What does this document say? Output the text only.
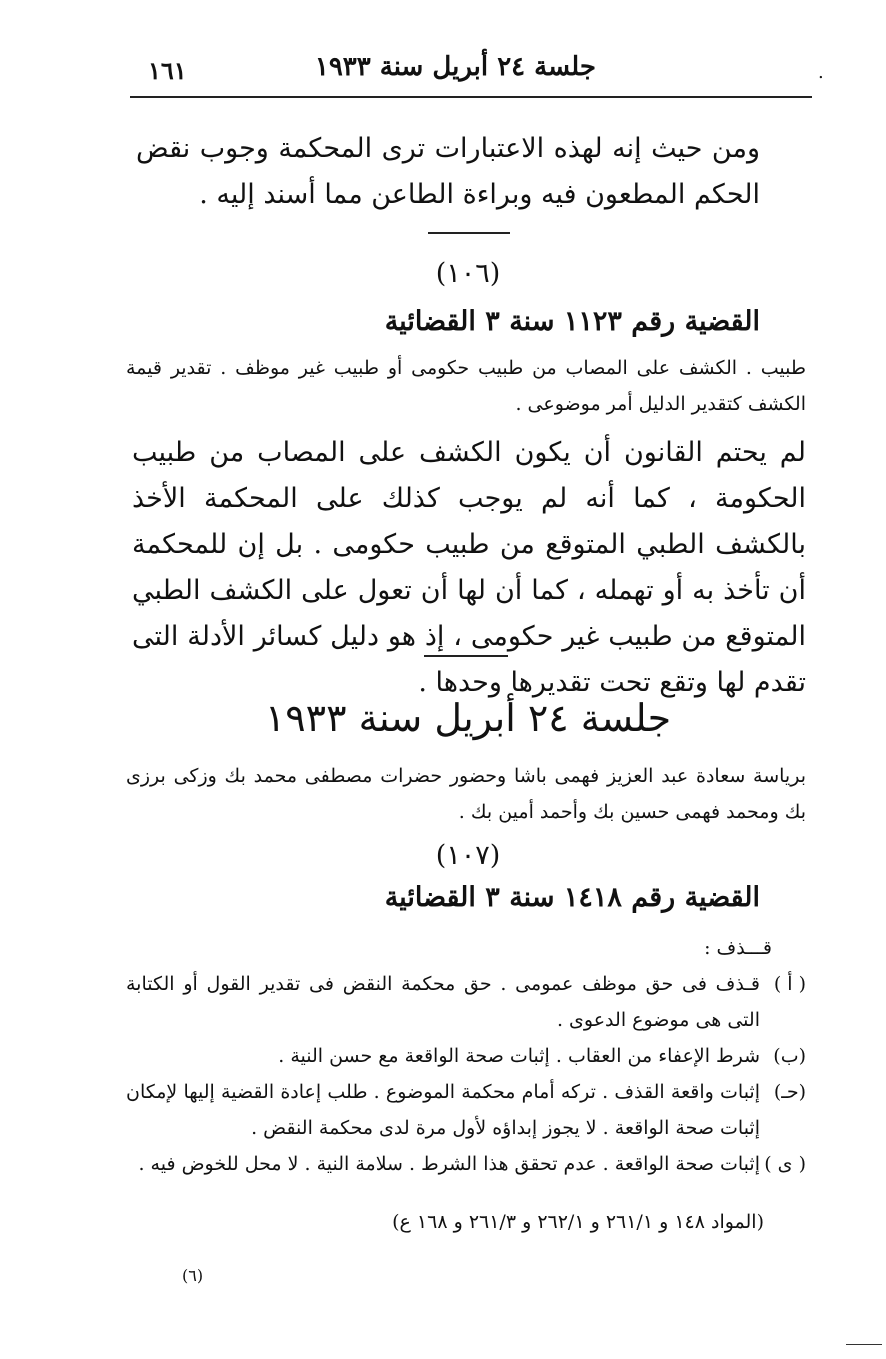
.
جلسة ٢٤ أبريل سنة ١٩٣٣
١٦١
ومن حيث إنه لهذه الاعتبارات ترى المحكمة وجوب نقض الحكم المطعون فيه وبراءة الطاعن مما أسند إليه .
(١٠٦)
القضية رقم ١١٢٣ سنة ٣ القضائية
طبيب . الكشف على المصاب من طبيب حكومى أو طبيب غير موظف . تقدير قيمة الكشف كتقدير الدليل أمر موضوعى .
لم يحتم القانون أن يكون الكشف على المصاب من طبيب الحكومة ، كما أنه لم يوجب كذلك على المحكمة الأخذ بالكشف الطبي المتوقع من طبيب حكومى . بل إن للمحكمة أن تأخذ به أو تهمله ، كما أن لها أن تعول على الكشف الطبي المتوقع من طبيب غير حكومى ، إذ هو دليل كسائر الأدلة التى تقدم لها وتقع تحت تقديرها وحدها .
جلسة ٢٤ أبريل سنة ١٩٣٣
برياسة سعادة عبد العزيز فهمى باشا وحضور حضرات مصطفى محمد بك وزكى برزى بك ومحمد فهمى حسين بك وأحمد أمين بك .
(١٠٧)
القضية رقم ١٤١٨ سنة ٣ القضائية
قـــذف :
( أ )
قـذف فى حق موظف عمومى . حق محكمة النقض فى تقدير القول أو الكتابة التى هى موضوع الدعوى .
(ب)
شرط الإعفاء من العقاب . إثبات صحة الواقعة مع حسن النية .
(حـ)
إثبات واقعة القذف . تركه أمام محكمة الموضوع . طلب إعادة القضية إليها لإمكان إثبات صحة الواقعة . لا يجوز إبداؤه لأول مرة لدى محكمة النقض .
( ى )
إثبات صحة الواقعة . عدم تحقق هذا الشرط . سلامة النية . لا محل للخوض فيه .
(المواد ١٤٨ و ٢٦١/١ و ٢٦٢/١ و ٢٦١/٣ و ١٦٨ ع)
(٦)
